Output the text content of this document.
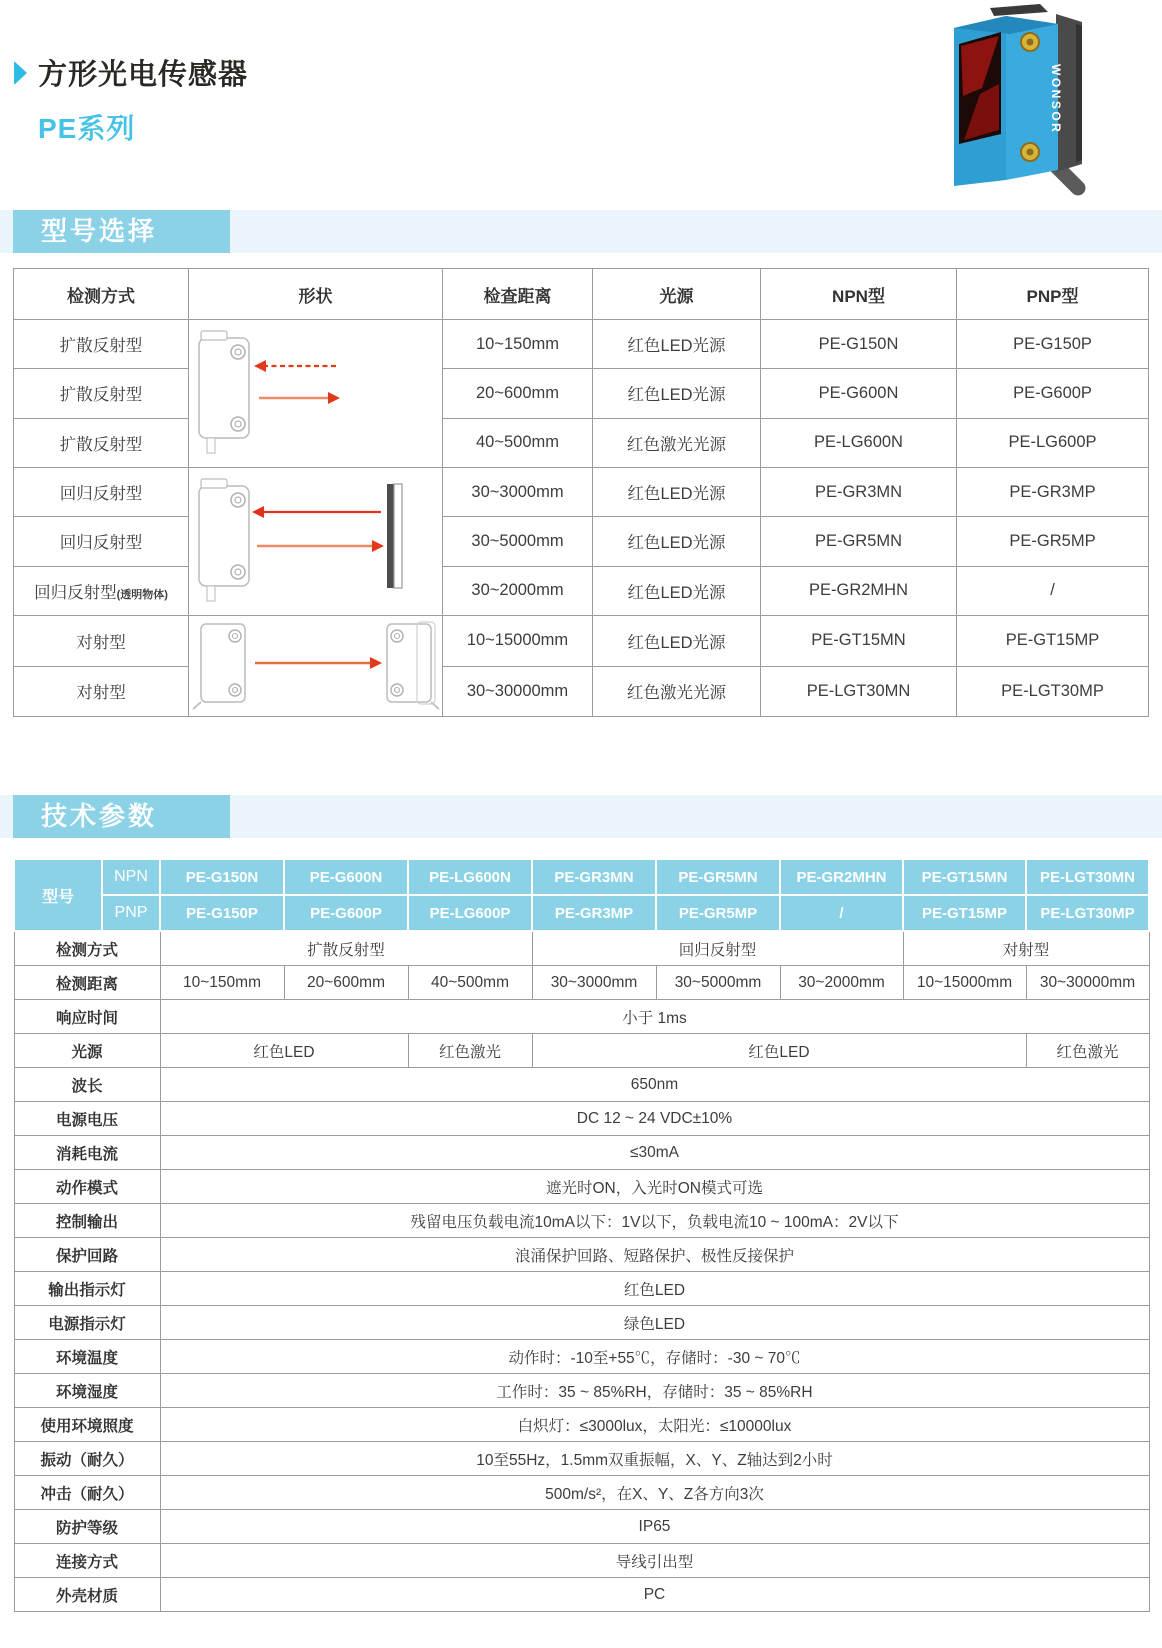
方形光电传感器
PE系列	WONSOR
型号选择
检测方式	形状	检查距离	光源	NPN型	PNP型
扩散反射型		10~150mm	红色LED光源	PE-G150N	PE-G150P
扩散反射型		20~600mm	红色LED光源	PE-G600N	PE-G600P
扩散反射型		40~500mm	红色激光光源	PE-LG600N	PE-LG600P
回归反射型		30~3000mm	红色LED光源	PE-GR3MN	PE-GR3MP
回归反射型		30~5000mm	红色LED光源	PE-GR5MN	PE-GR5MP
回归反射型(透明物体)		30~2000mm	红色LED光源	PE-GR2MHN	/
对射型		10~15000mm	红色LED光源	PE-GT15MN	PE-GT15MP
对射型		30~30000mm	红色激光光源	PE-LGT30MN	PE-LGT30MP
技术参数
型号	NPN	PE-G150N	PE-G600N	PE-LG600N	PE-GR3MN	PE-GR5MN	PE-GR2MHN	PE-GT15MN	PE-LGT30MN
	PNP	PE-G150P	PE-G600P	PE-LG600P	PE-GR3MP	PE-GR5MP	/	PE-GT15MP	PE-LGT30MP
检测方式		扩散反射型			回归反射型			对射型	
检测距离		10~150mm	20~600mm	40~500mm	30~3000mm	30~5000mm	30~2000mm	10~15000mm	30~30000mm
响应时间		小于 1ms							
光源		红色LED		红色激光	红色LED				红色激光
波长		650nm							
电源电压		DC 12 ~ 24 VDC±10%							
消耗电流		≤30mA							
动作模式		遮光时ON，入光时ON模式可选							
控制输出		残留电压负载电流10mA以下：1V以下，负载电流10 ~ 100mA：2V以下							
保护回路		浪涌保护回路、短路保护、极性反接保护							
输出指示灯		红色LED							
电源指示灯		绿色LED							
环境温度		动作时：-10至+55℃，存储时：-30 ~ 70℃							
环境湿度		工作时：35 ~ 85%RH，存储时：35 ~ 85%RH							
使用环境照度		白炽灯：≤3000lux，太阳光：≤10000lux							
振动（耐久）		10至55Hz，1.5mm双重振幅，X、Y、Z轴达到2小时							
冲击（耐久）		500m/s²，在X、Y、Z各方向3次							
防护等级		IP65							
连接方式		导线引出型							
外壳材质		PC							
